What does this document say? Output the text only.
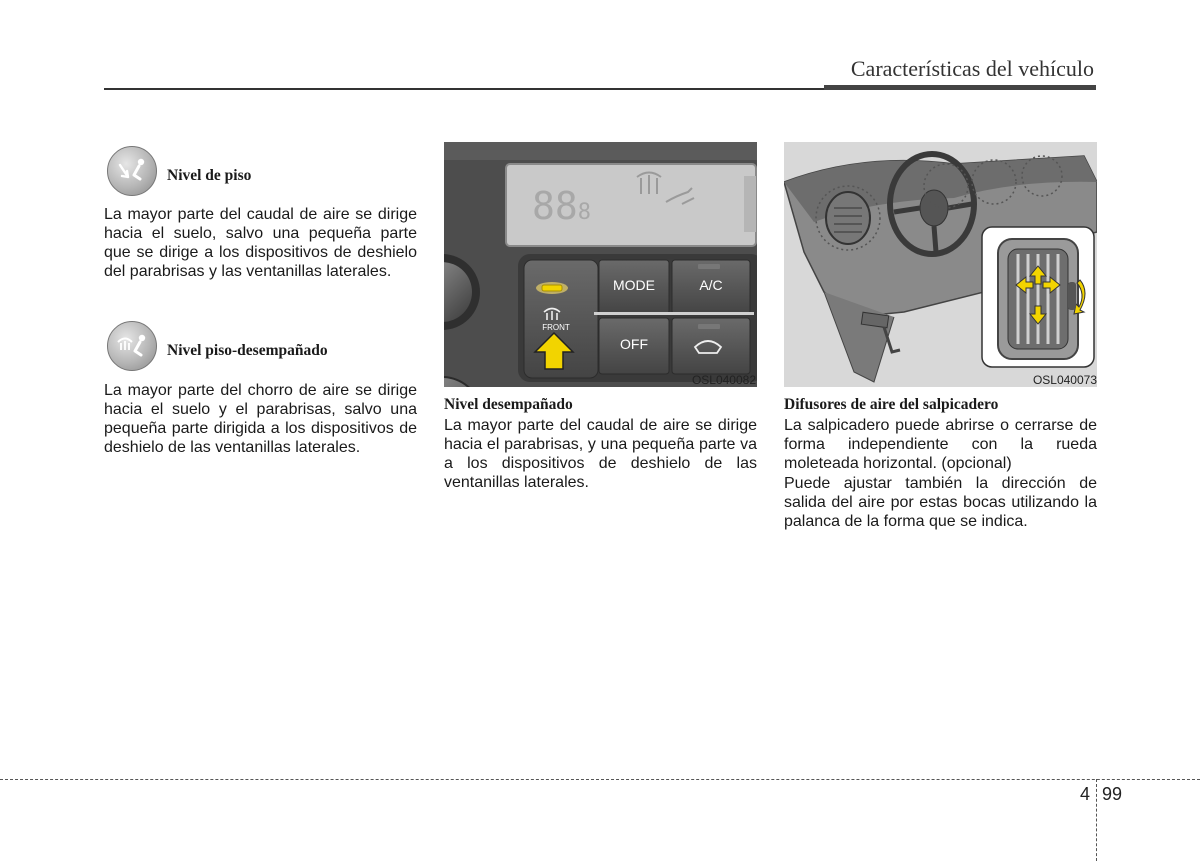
Características del vehículo
Nivel de piso
La mayor parte del caudal de aire se dirige hacia el suelo, salvo una pequeña parte que se dirige a los dispositivos de deshielo del parabrisas y las ventanillas laterales.
Nivel piso-desempañado
La mayor parte del chorro de aire se dirige hacia el suelo y el parabrisas, salvo una pequeña parte dirigida a los dispositivos de deshielo de las ventanillas laterales.
MODE	A/C
OFF
FRONT
888
OSL040082
Nivel desempañado
La mayor parte del caudal de aire se dirige hacia el parabrisas, y una pequeña parte va a los dispositivos de deshielo de las ventanillas laterales.
OSL040073
Difusores de aire del salpicadero
La salpicadero puede abrirse o cerrarse de forma independiente con la rueda moleteada horizontal. (opcional)
Puede ajustar también la dirección de salida del aire por estas bocas utilizando la palanca de la forma que se indica.
4 99
